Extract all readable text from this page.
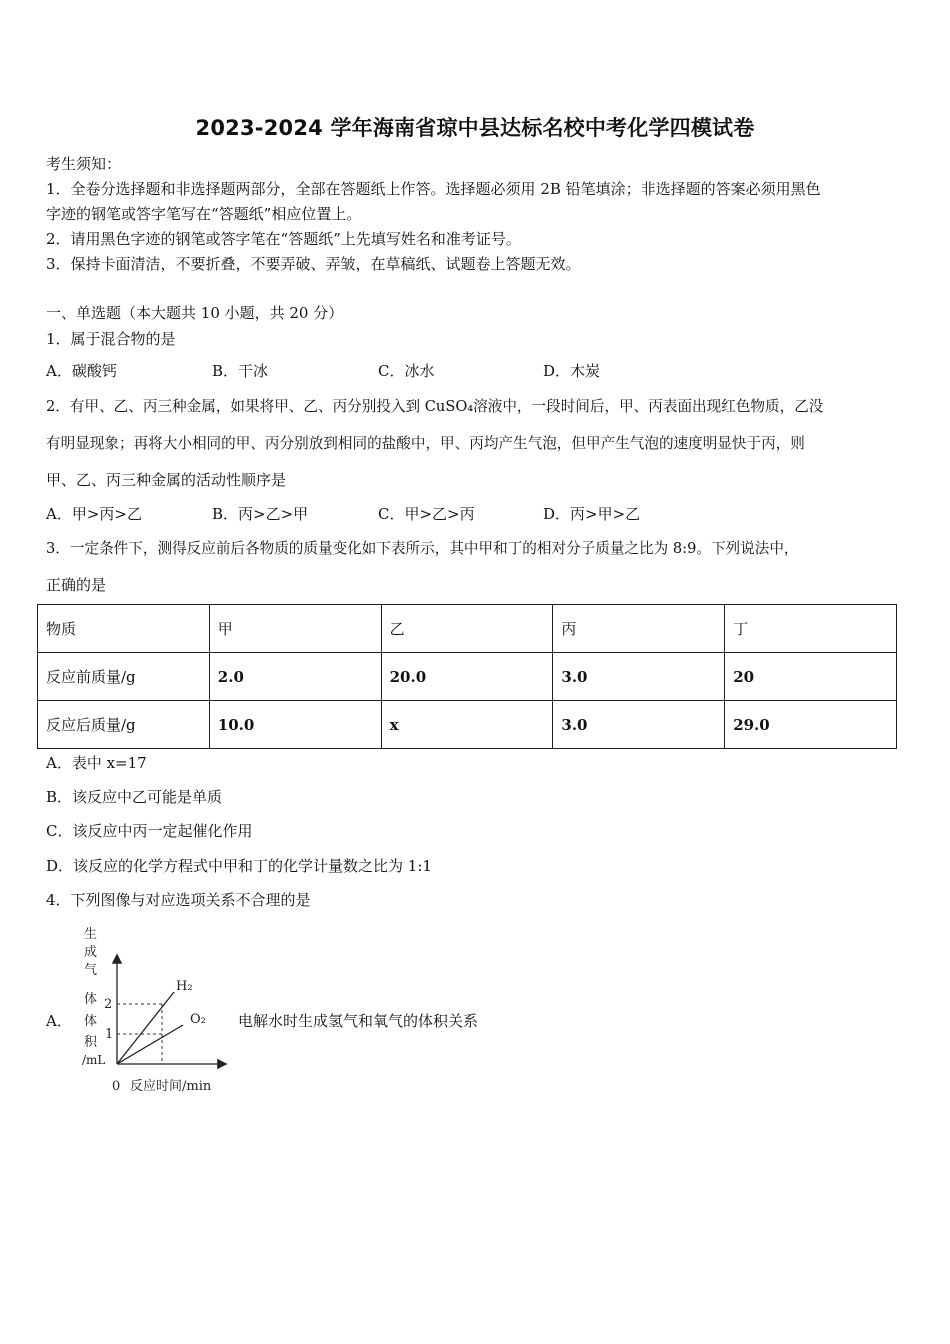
2023-2024 学年海南省琼中县达标名校中考化学四模试卷
考生须知：
1．全卷分选择题和非选择题两部分，全部在答题纸上作答。选择题必须用 2B 铅笔填涂；非选择题的答案必须用黑色
字迹的钢笔或答字笔写在“答题纸”相应位置上。
2．请用黑色字迹的钢笔或答字笔在“答题纸”上先填写姓名和准考证号。
3．保持卡面清洁，不要折叠，不要弄破、弄皱，在草稿纸、试题卷上答题无效。
一、单选题（本大题共 10 小题，共 20 分）
1．属于混合物的是
A．碳酸钙	B．干冰	C．冰水	D．木炭
2．有甲、乙、丙三种金属，如果将甲、乙、丙分别投入到 CuSO₄溶液中，一段时间后，甲、丙表面出现红色物质，乙没
有明显现象；再将大小相同的甲、丙分别放到相同的盐酸中，甲、丙均产生气泡，但甲产生气泡的速度明显快于丙，则
甲、乙、丙三种金属的活动性顺序是
A．甲>丙>乙	B．丙>乙>甲	C．甲>乙>丙	D．丙>甲>乙
3．一定条件下，测得反应前后各物质的质量变化如下表所示，其中甲和丁的相对分子质量之比为 8:9。下列说法中，
正确的是
物质	甲	乙	丙	丁
反应前质量/g	2.0	20.0	3.0	20
反应后质量/g	10.0	x	3.0	29.0
A．表中 x=17
B．该反应中乙可能是单质
C．该反应中丙一定起催化作用
D．该反应的化学方程式中甲和丁的化学计量数之比为 1:1
4．下列图像与对应选项关系不合理的是
A．
生
成
气
体
体
积
/mL
2
1
H₂
O₂
0 反应时间/min
电解水时生成氢气和氧气的体积关系
